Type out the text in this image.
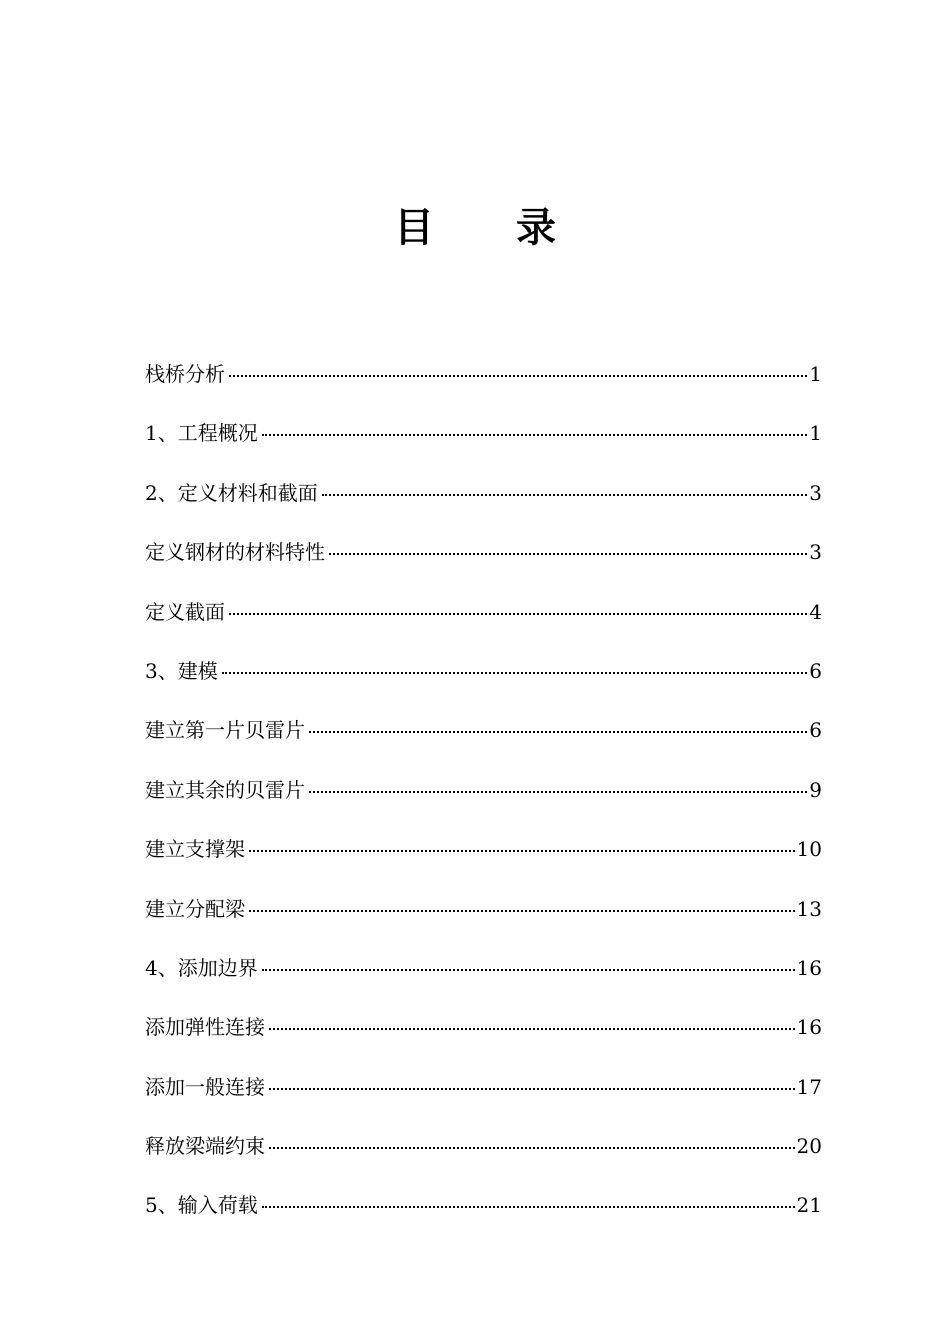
目 录
栈桥分析	1
1、工程概况	1
2、定义材料和截面	3
定义钢材的材料特性	3
定义截面	4
3、建模	6
建立第一片贝雷片	6
建立其余的贝雷片	9
建立支撑架	10
建立分配梁	13
4、添加边界	16
添加弹性连接	16
添加一般连接	17
释放梁端约束	20
5、输入荷载	21
